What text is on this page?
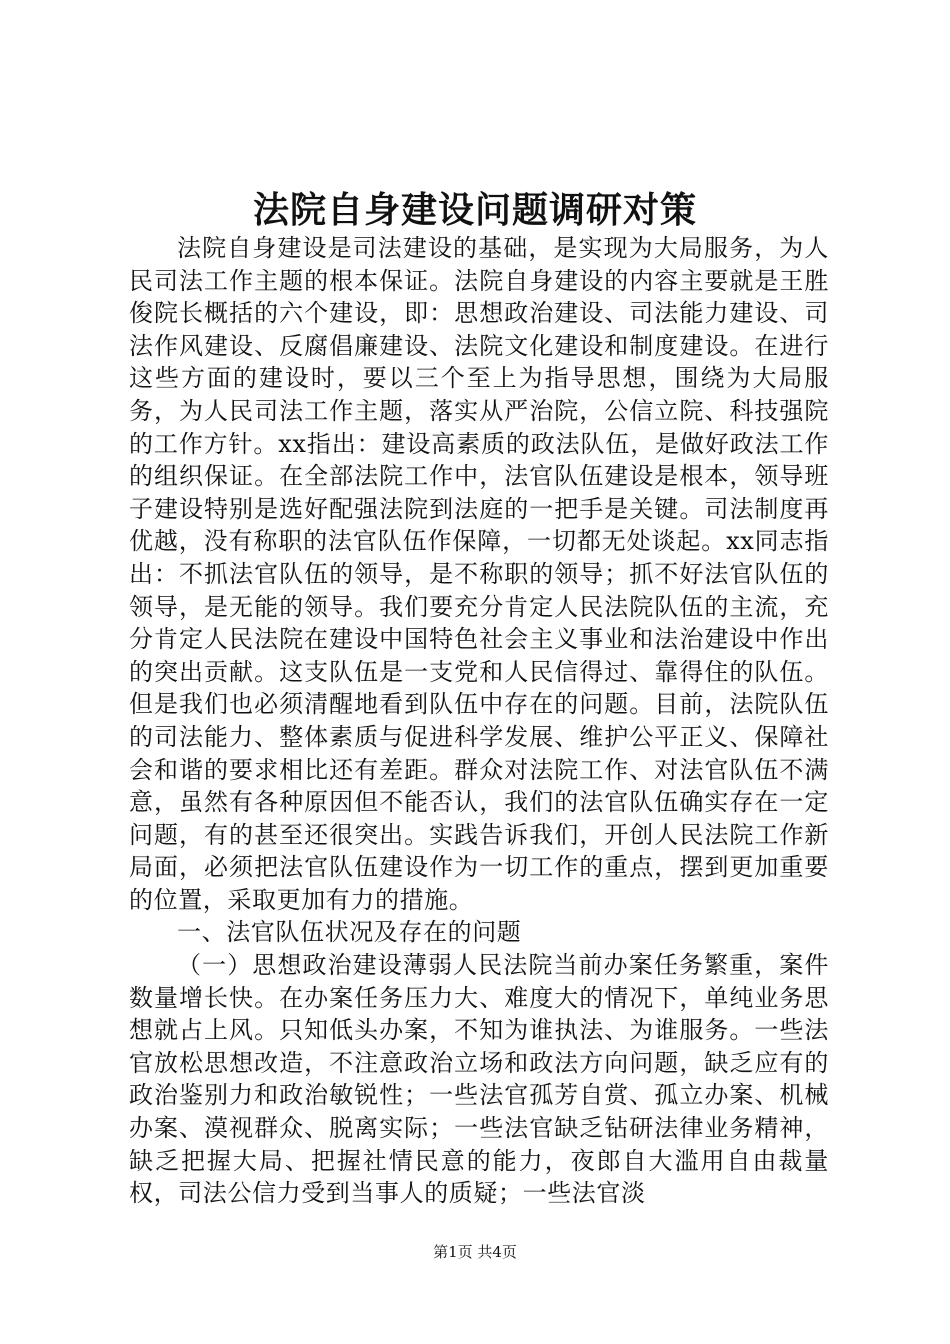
法院自身建设问题调研对策

法院自身建设是司法建设的基础，是实现为大局服务，为人民司法工作主题的根本保证。法院自身建设的内容主要就是王胜俊院长概括的六个建设，即：思想政治建设、司法能力建设、司法作风建设、反腐倡廉建设、法院文化建设和制度建设。在进行这些方面的建设时，要以三个至上为指导思想，围绕为大局服务，为人民司法工作主题，落实从严治院，公信立院、科技强院的工作方针。xx指出：建设高素质的政法队伍，是做好政法工作的组织保证。在全部法院工作中，法官队伍建设是根本，领导班子建设特别是选好配强法院到法庭的一把手是关键。司法制度再优越，没有称职的法官队伍作保障，一切都无处谈起。xx同志指出：不抓法官队伍的领导，是不称职的领导；抓不好法官队伍的领导，是无能的领导。我们要充分肯定人民法院队伍的主流，充分肯定人民法院在建设中国特色社会主义事业和法治建设中作出的突出贡献。这支队伍是一支党和人民信得过、靠得住的队伍。但是我们也必须清醒地看到队伍中存在的问题。目前，法院队伍的司法能力、整体素质与促进科学发展、维护公平正义、保障社会和谐的要求相比还有差距。群众对法院工作、对法官队伍不满意，虽然有各种原因但不能否认，我们的法官队伍确实存在一定问题，有的甚至还很突出。实践告诉我们，开创人民法院工作新局面，必须把法官队伍建设作为一切工作的重点，摆到更加重要的位置，采取更加有力的措施。

一、法官队伍状况及存在的问题

（一）思想政治建设薄弱人民法院当前办案任务繁重，案件数量增长快。在办案任务压力大、难度大的情况下，单纯业务思想就占上风。只知低头办案，不知为谁执法、为谁服务。一些法官放松思想改造，不注意政治立场和政法方向问题，缺乏应有的政治鉴别力和政治敏锐性；一些法官孤芳自赏、孤立办案、机械办案、漠视群众、脱离实际；一些法官缺乏钻研法律业务精神，缺乏把握大局、把握社情民意的能力，夜郎自大滥用自由裁量权，司法公信力受到当事人的质疑；一些法官淡

第1页 共4页
